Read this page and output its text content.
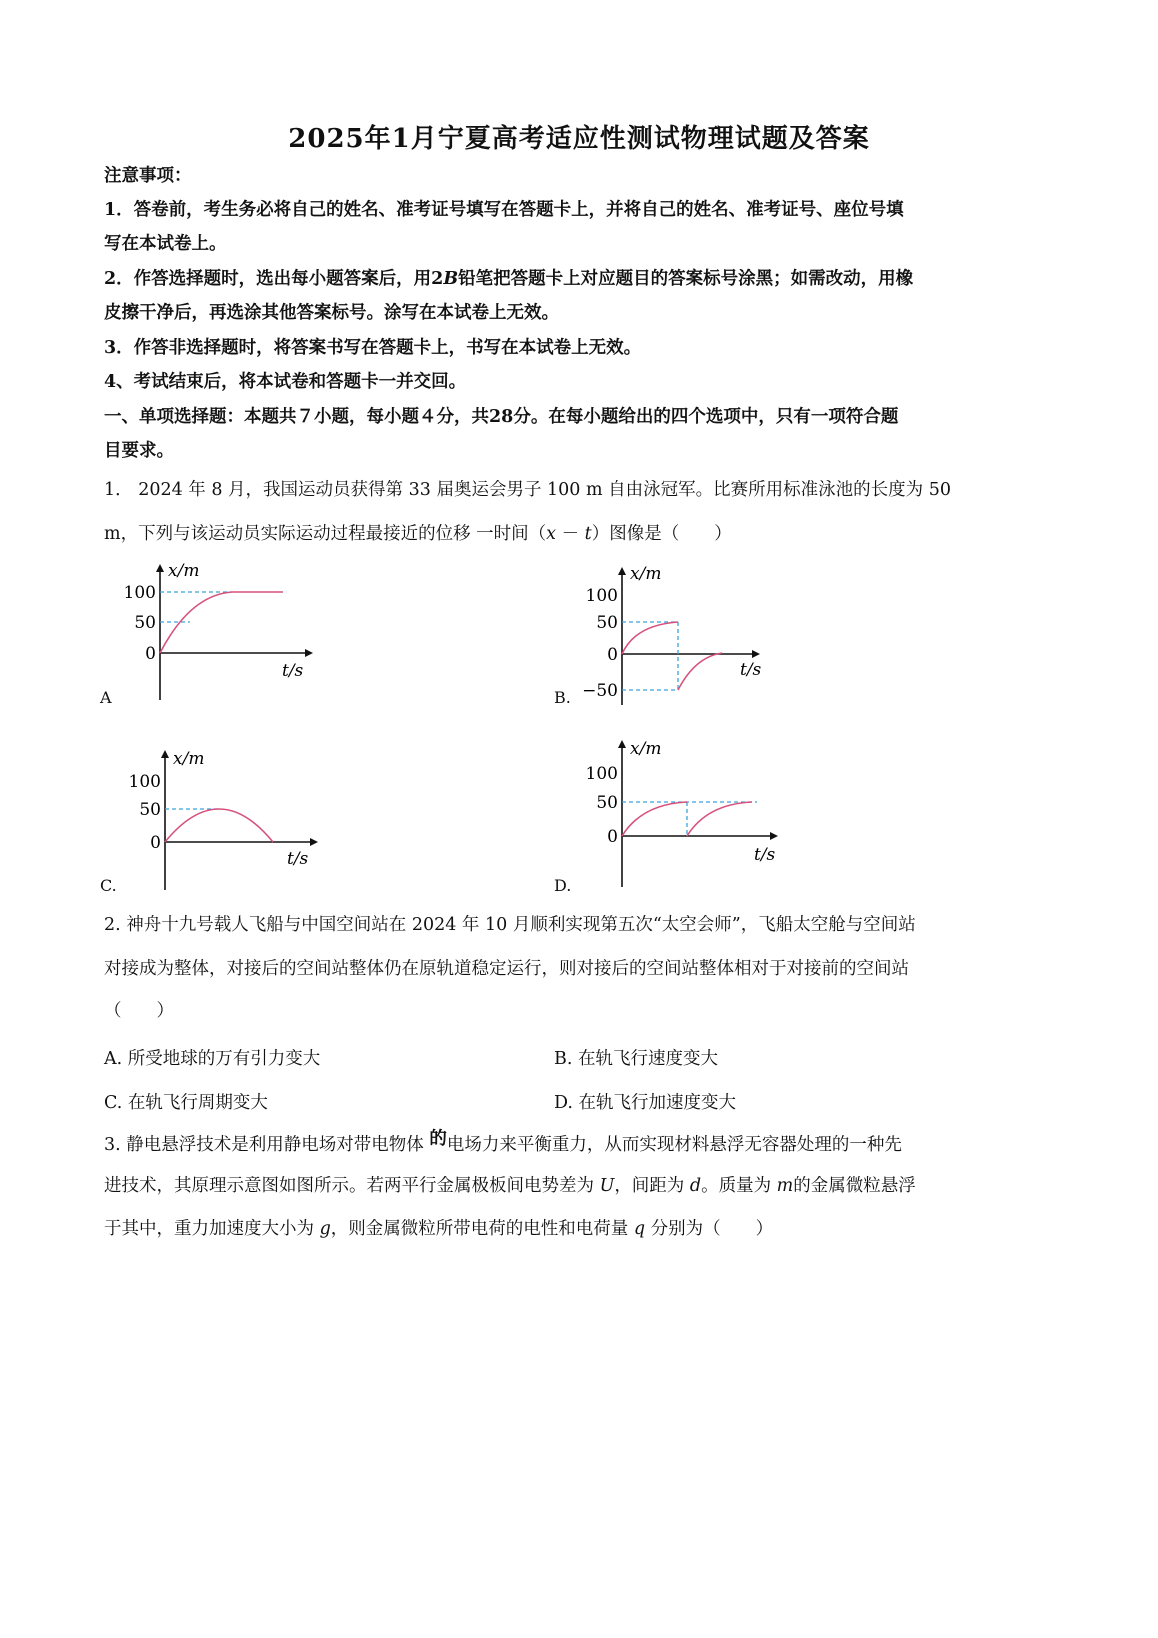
2025年1月宁夏高考适应性测试物理试题及答案
注意事项：
1．答卷前，考生务必将自己的姓名、准考证号填写在答题卡上，并将自己的姓名、准考证号、座位号填
写在本试卷上。
2．作答选择题时，选出每小题答案后，用2B铅笔把答题卡上对应题目的答案标号涂黑；如需改动，用橡
皮擦干净后，再选涂其他答案标号。涂写在本试卷上无效。
3．作答非选择题时，将答案书写在答题卡上，书写在本试卷上无效。
4、考试结束后，将本试卷和答题卡一并交回。
一、单项选择题：本题共７小题，每小题４分，共28分。在每小题给出的四个选项中，只有一项符合题
目要求。
1． 2024 年 8 月，我国运动员获得第 33 届奥运会男子 100 m 自由泳冠军。比赛所用标准泳池的长度为 50
m，下列与该运动员实际运动过程最接近的位移 一时间（x － t）图像是（　　）
x/m
t/s
100
50
0
A
x/m
t/s
100
50
0
−50
B.
x/m
t/s
100
50
0
C.
x/m
t/s
100
50
0
D.
2. 神舟十九号载人飞船与中国空间站在 2024 年 10 月顺利实现第五次“太空会师”，飞船太空舱与空间站
对接成为整体，对接后的空间站整体仍在原轨道稳定运行，则对接后的空间站整体相对于对接前的空间站
（　　）
A. 所受地球的万有引力变大	B. 在轨飞行速度变大
C. 在轨飞行周期变大	D. 在轨飞行加速度变大
3. 静电悬浮技术是利用静电场对带电物体 的电场力来平衡重力，从而实现材料悬浮无容器处理的一种先
进技术，其原理示意图如图所示。若两平行金属极板间电势差为 U，间距为 d。质量为 m的金属微粒悬浮
于其中，重力加速度大小为 g，则金属微粒所带电荷的电性和电荷量 q 分别为（　　）
